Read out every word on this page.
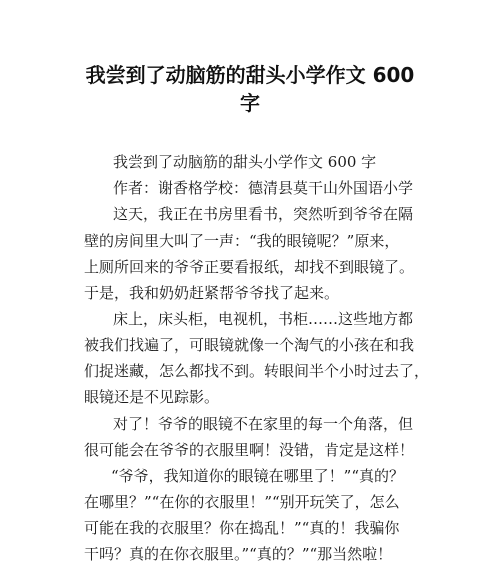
我尝到了动脑筋的甜头小学作文 600
字
我尝到了动脑筋的甜头小学作文 600 字
作者：谢香格学校：德清县莫干山外国语小学
这天，我正在书房里看书，突然听到爷爷在隔
壁的房间里大叫了一声：“我的眼镜呢？”原来，
上厕所回来的爷爷正要看报纸，却找不到眼镜了。
于是，我和奶奶赶紧帮爷爷找了起来。
床上，床头柜，电视机，书柜……这些地方都
被我们找遍了，可眼镜就像一个淘气的小孩在和我
们捉迷藏，怎么都找不到。转眼间半个小时过去了，
眼镜还是不见踪影。
对了！爷爷的眼镜不在家里的每一个角落，但
很可能会在爷爷的衣服里啊！没错，肯定是这样！
“爷爷，我知道你的眼镜在哪里了！”“真的？
在哪里？”“在你的衣服里！”“别开玩笑了，怎么
可能在我的衣服里？你在捣乱！”“真的！我骗你
干吗？真的在你衣服里。”“真的？”“那当然啦！
